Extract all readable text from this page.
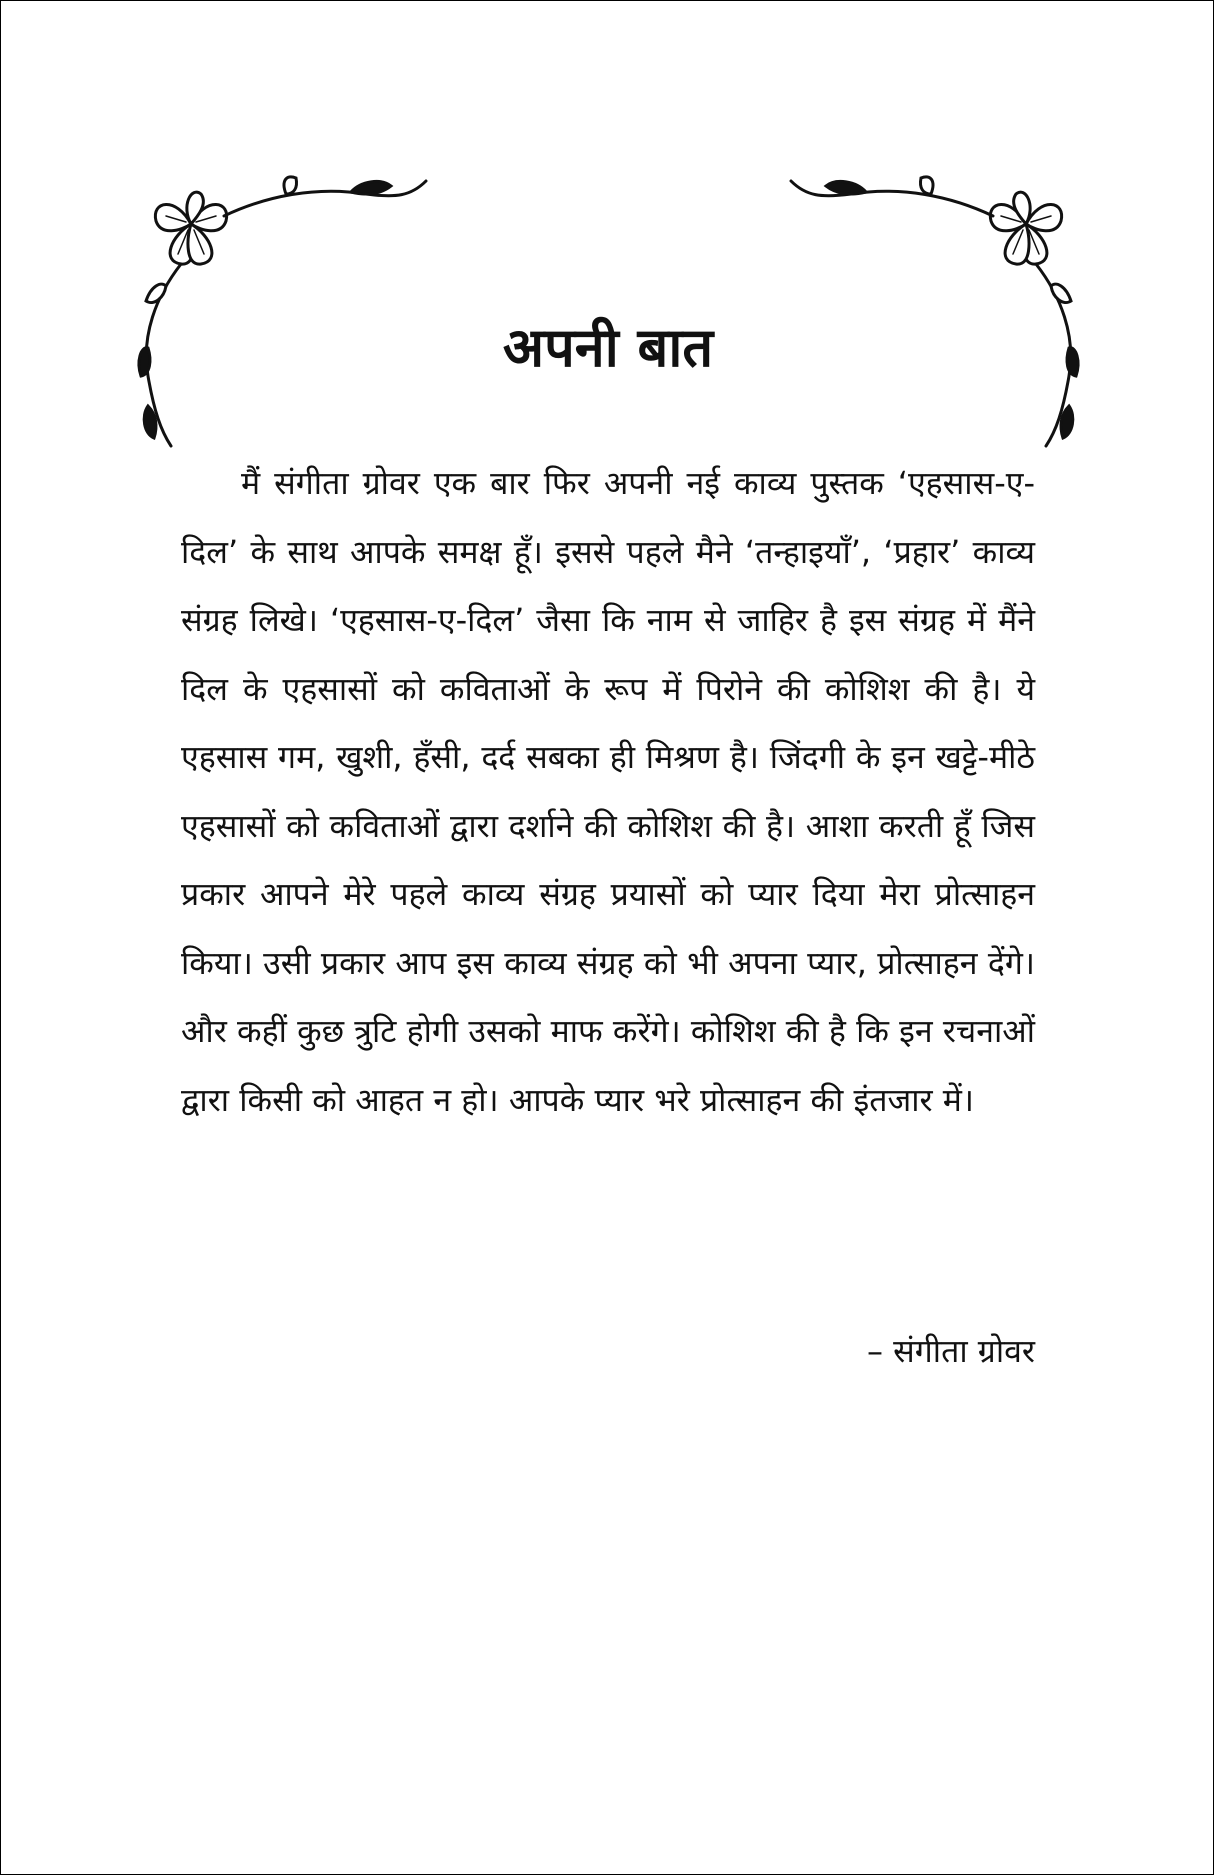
अपनी बात

मैं संगीता ग्रोवर एक बार फिर अपनी नई काव्य पुस्तक ‘एहसास-ए-दिल’ के साथ आपके समक्ष हूँ। इससे पहले मैने ‘तन्हाइयाँ’, ‘प्रहार’ काव्य संग्रह लिखे। ‘एहसास-ए-दिल’ जैसा कि नाम से जाहिर है इस संग्रह में मैंने दिल के एहसासों को कविताओं के रूप में पिरोने की कोशिश की है। ये एहसास गम, खुशी, हँसी, दर्द सबका ही मिश्रण है। जिंदगी के इन खट्टे-मीठे एहसासों को कविताओं द्वारा दर्शाने की कोशिश की है। आशा करती हूँ जिस प्रकार आपने मेरे पहले काव्य संग्रह प्रयासों को प्यार दिया मेरा प्रोत्साहन किया। उसी प्रकार आप इस काव्य संग्रह को भी अपना प्यार, प्रोत्साहन देंगे। और कहीं कुछ त्रुटि होगी उसको माफ करेंगे। कोशिश की है कि इन रचनाओं द्वारा किसी को आहत न हो। आपके प्यार भरे प्रोत्साहन की इंतजार में।

– संगीता ग्रोवर
